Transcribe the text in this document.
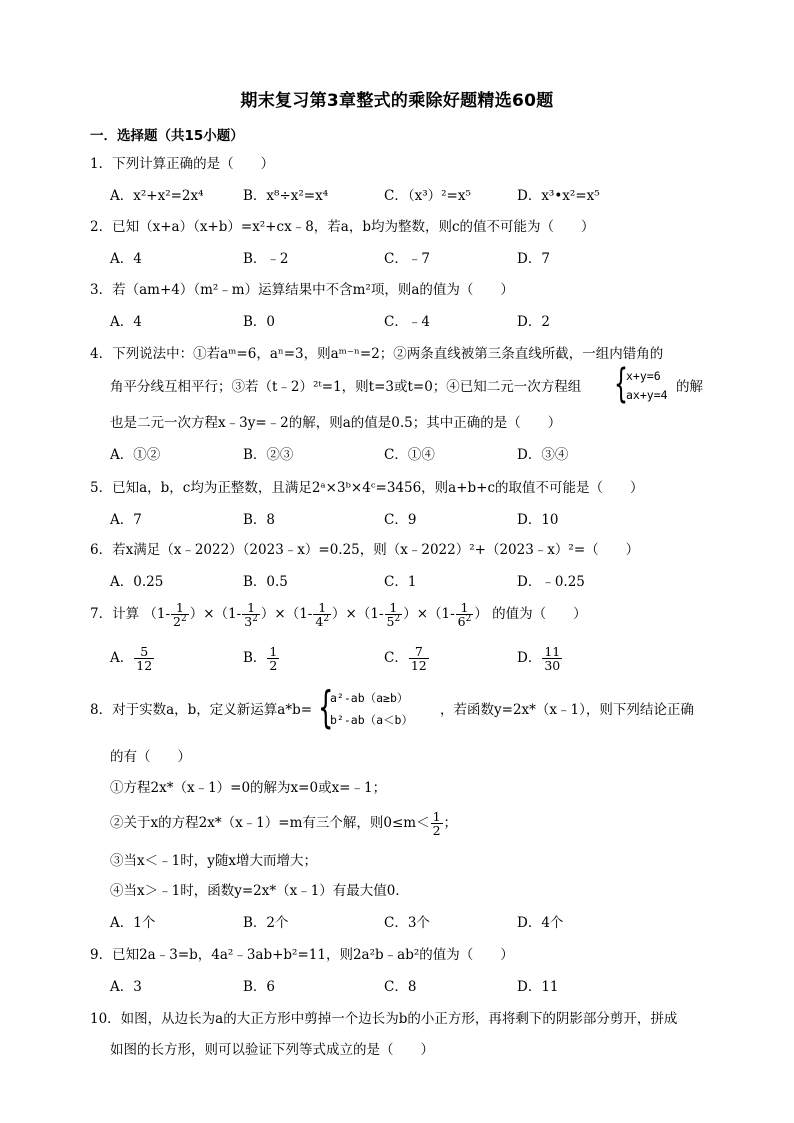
期末复习第3章整式的乘除好题精选60题
一．选择题（共15小题）
1．下列计算正确的是（　　）
A．x²+x²=2x⁴	B．x⁸÷x²=x⁴	C．（x³）²=x⁵	D．x³•x²=x⁵
2．已知（x+a）（x+b）=x²+cx﹣8，若a，b均为整数，则c的值不可能为（　　）
A．4	B．﹣2	C．﹣7	D．7
3．若（am+4）（m²﹣m）运算结果中不含m²项，则a的值为（　　）
A．4	B．0	C．﹣4	D．2
4．下列说法中：①若aᵐ=6，aⁿ=3，则aᵐ⁻ⁿ=2；②两条直线被第三条直线所截，一组内错角的
角平分线互相平行；③若（t﹣2）²ᵗ=1，则t=3或t=0；④已知二元一次方程组 {
x+y=6
ax+y=4 的解
也是二元一次方程x﹣3y=﹣2的解，则a的值是0.5；其中正确的是（　　）
A．①②	B．②③	C．①④	D．③④
5．已知a，b，c均为正整数，且满足2ᵃ×3ᵇ×4ᶜ=3456，则a+b+c的取值不可能是（　　）
A．7	B．8	C．9	D．10
6．若x满足（x﹣2022）（2023﹣x）=0.25，则（x﹣2022）²+（2023﹣x）²=（　　）
A．0.25	B．0.5	C．1	D．﹣0.25
7．计算 $(1- \frac{1}{2^2} )\times(1- \frac{1}{3^2} )\times(1- \frac{1}{4^2} )\times(1- \frac{1}{5^2} )\times(1- \frac{1}{6^2}$ ） 的值为（　　）
A． $\frac{5}{12}$	B． $\frac{1}{2}$	C． $\frac{7}{12}$	D． $\frac{11}{30}$
8．对于实数a，b，定义新运算a*b= {
a²-ab（a≥b）
b²-ab（a＜b）
，若函数y=2x*（x﹣1），则下列结论正确
的有（　　）
①方程2x*（x﹣1）=0的解为x=0或x=﹣1；
②关于x的方程2x*（x﹣1）=m有三个解，则$0\le m< \frac{1}{2}$ ；
③当x＜﹣1时，y随x增大而增大；
④当x＞﹣1时，函数y=2x*（x﹣1）有最大值0．
A．1个	B．2个	C．3个	D．4个
9．已知2a﹣3=b，4a²﹣3ab+b²=11，则2a²b﹣ab²的值为（　　）
A．3	B．6	C．8	D．11
10．如图，从边长为a的大正方形中剪掉一个边长为b的小正方形，再将剩下的阴影部分剪开，拼成
如图的长方形，则可以验证下列等式成立的是（　　）
